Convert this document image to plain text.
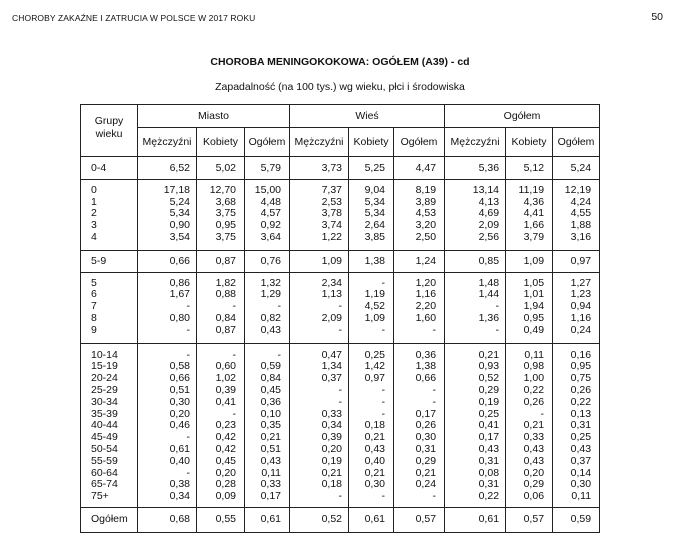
CHOROBY ZAKAŹNE I ZATRUCIA W POLSCE W 2017 ROKU	50
CHOROBA MENINGOKOKOWA: OGÓŁEM (A39) - cd
Zapadalność (na 100 tys.) wg wieku, płci i środowiska
Grupy
wieku	Miasto			Wieś			Ogółem		
	Mężczyźni	Kobiety	Ogółem	Mężczyźni	Kobiety	Ogółem	Mężczyźni	Kobiety	Ogółem
0-4	6,52	5,02	5,79	3,73	5,25	4,47	5,36	5,12	5,24
0	17,18	12,70	15,00	7,37	9,04	8,19	13,14	11,19	12,19
1	5,24	3,68	4,48	2,53	5,34	3,89	4,13	4,36	4,24
2	5,34	3,75	4,57	3,78	5,34	4,53	4,69	4,41	4,55
3	0,90	0,95	0,92	3,74	2,64	3,20	2,09	1,66	1,88
4	3,54	3,75	3,64	1,22	3,85	2,50	2,56	3,79	3,16
5-9	0,66	0,87	0,76	1,09	1,38	1,24	0,85	1,09	0,97
5	0,86	1,82	1,32	2,34	-	1,20	1,48	1,05	1,27
6	1,67	0,88	1,29	1,13	1,19	1,16	1,44	1,01	1,23
7	-	-	-	-	4,52	2,20	-	1,94	0,94
8	0,80	0,84	0,82	2,09	1,09	1,60	1,36	0,95	1,16
9	-	0,87	0,43	-	-	-	-	0,49	0,24
10-14	-	-	-	0,47	0,25	0,36	0,21	0,11	0,16
15-19	0,58	0,60	0,59	1,34	1,42	1,38	0,93	0,98	0,95
20-24	0,66	1,02	0,84	0,37	0,97	0,66	0,52	1,00	0,75
25-29	0,51	0,39	0,45	-	-	-	0,29	0,22	0,26
30-34	0,30	0,41	0,36	-	-	-	0,19	0,26	0,22
35-39	0,20	-	0,10	0,33	-	0,17	0,25	-	0,13
40-44	0,46	0,23	0,35	0,34	0,18	0,26	0,41	0,21	0,31
45-49	-	0,42	0,21	0,39	0,21	0,30	0,17	0,33	0,25
50-54	0,61	0,42	0,51	0,20	0,43	0,31	0,43	0,43	0,43
55-59	0,40	0,45	0,43	0,19	0,40	0,29	0,31	0,43	0,37
60-64	-	0,20	0,11	0,21	0,21	0,21	0,08	0,20	0,14
65-74	0,38	0,28	0,33	0,18	0,30	0,24	0,31	0,29	0,30
75+	0,34	0,09	0,17	-	-	-	0,22	0,06	0,11
Ogółem	0,68	0,55	0,61	0,52	0,61	0,57	0,61	0,57	0,59
